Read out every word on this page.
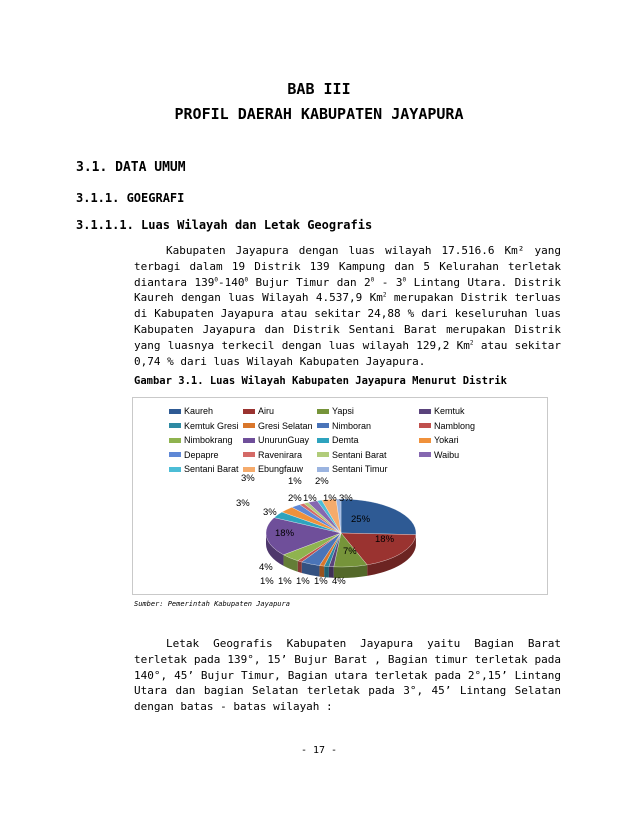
BAB III
PROFIL DAERAH KABUPATEN JAYAPURA
3.1. DATA UMUM
3.1.1. GOEGRAFI
3.1.1.1. Luas Wilayah dan Letak Geografis

Kabupaten Jayapura dengan luas wilayah 17.516.6 Km² yang terbagi dalam 19 Distrik 139 Kampung dan 5 Kelurahan terletak diantara $139^0-140^0$ Bujur Timur dan $2^0 - 3^0$ Lintang Utara. Distrik Kaureh dengan luas Wilayah 4.537,9 Km$^2$ merupakan Distrik terluas di Kabupaten Jayapura atau sekitar 24,88 % dari keseluruhan luas Kabupaten Jayapura dan Distrik Sentani Barat merupakan Distrik yang luasnya terkecil dengan luas wilayah 129,2 Km$^2$ atau sekitar 0,74 % dari luas Wilayah Kabupaten Jayapura.

Gambar 3.1. Luas Wilayah Kabupaten Jayapura Menurut Distrik
Kaureh	Airu	Yapsi	Kemtuk
Kemtuk Gresi Gresi Selatan Nimboran	Namblong
Nimbokrang	UnurunGuay	Demta	Yokari
Depapre	Ravenirara	Sentani Barat	Waibu
Sentani Barat Ebungfauw	Sentani Timur
25%
18%
7%
1% 1% 1%
4%
1% 4%
18%
3%
3%
2%
1%
1%
2%
1% 3%
3%
Sumber: Pemerintah Kabupaten Jayapura

Letak Geografis Kabupaten Jayapura yaitu Bagian Barat terletak pada 139°, 15’ Bujur Barat , Bagian timur terletak pada 140°, 45’ Bujur Timur, Bagian utara terletak pada 2°,15’ Lintang Utara dan bagian Selatan terletak pada 3°, 45’ Lintang Selatan dengan batas - batas wilayah :

- 17 -
